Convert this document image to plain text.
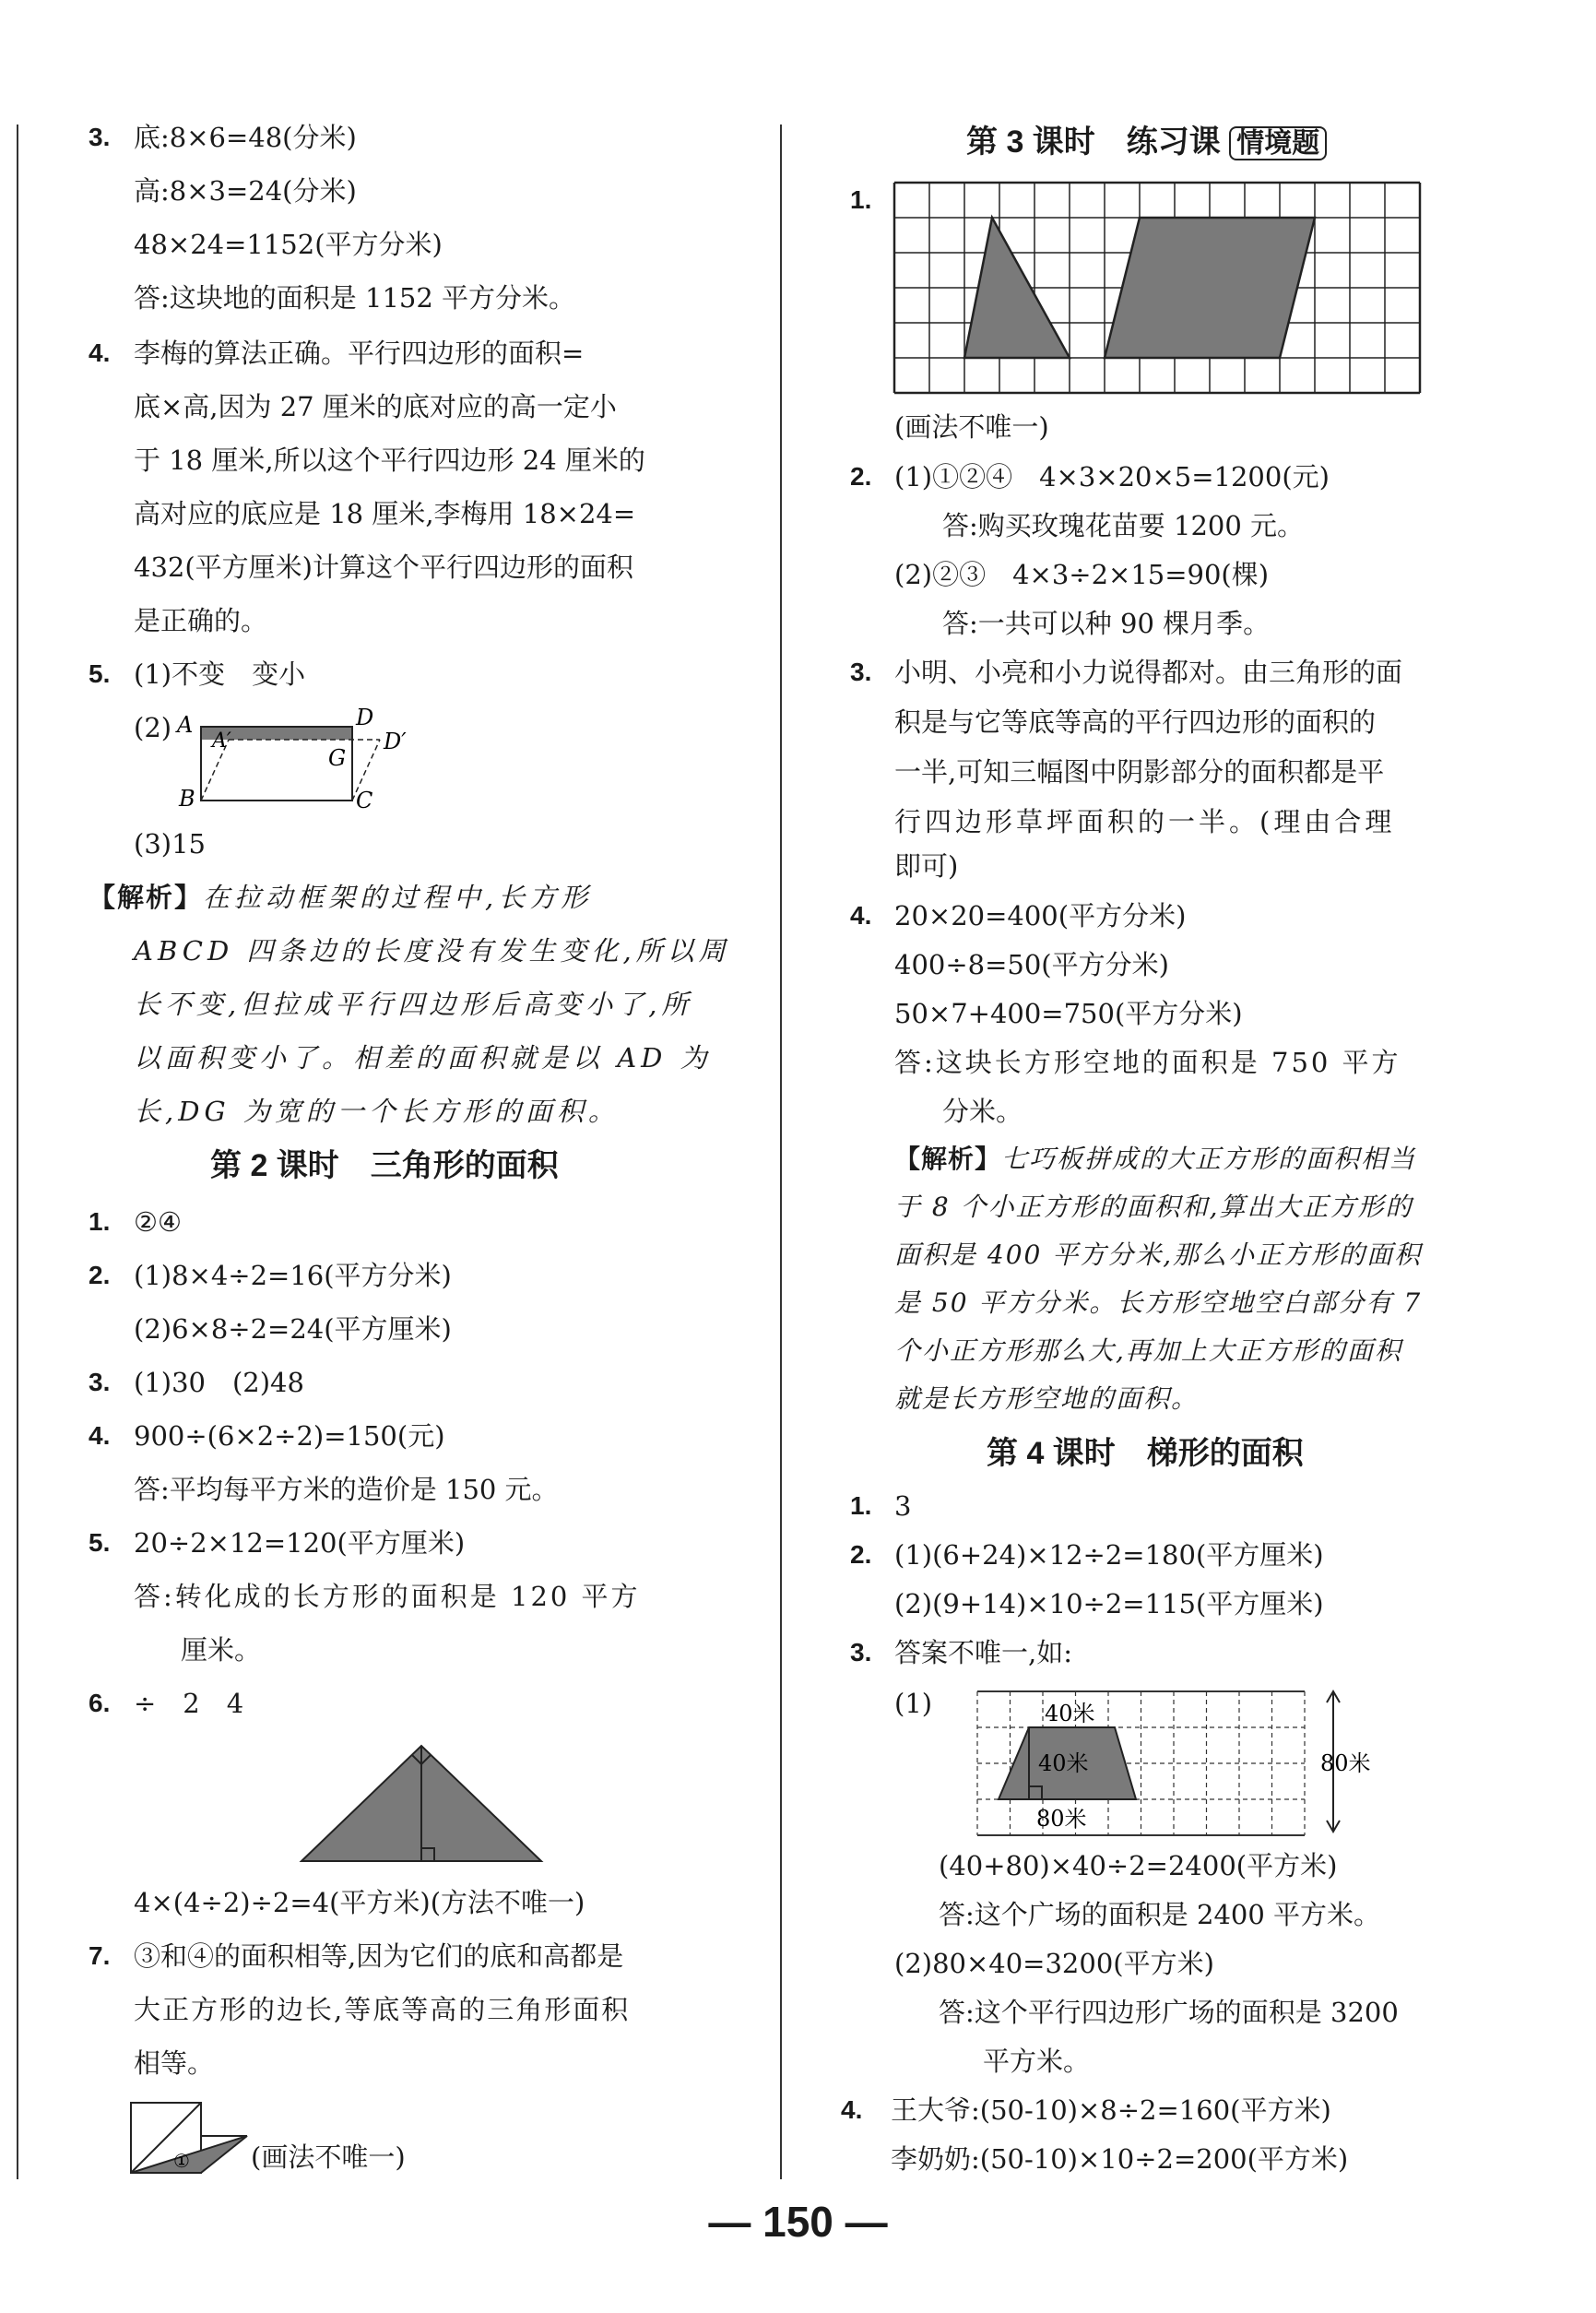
3. 底:8×6=48(分米)
高:8×3=24(分米)
48×24=1152(平方分米)
答:这块地的面积是 1152 平方分米。
4. 李梅的算法正确。平行四边形的面积=
底×高,因为 27 厘米的底对应的高一定小
于 18 厘米,所以这个平行四边形 24 厘米的
高对应的底应是 18 厘米,李梅用 18×24=
432(平方厘米)计算这个平行四边形的面积
是正确的。
5. (1)不变　变小
(2) A
A′
D
D′
G
B	C
(3)15
【解析】在拉动框架的过程中,长方形
ABCD 四条边的长度没有发生变化,所以周
长不变,但拉成平行四边形后高变小了,所
以面积变小了。相差的面积就是以 AD 为
长,DG 为宽的一个长方形的面积。
第 2 课时　三角形的面积
1. ②④
2. (1)8×4÷2=16(平方分米)
(2)6×8÷2=24(平方厘米)
3. (1)30　(2)48
4. 900÷(6×2÷2)=150(元)
答:平均每平方米的造价是 150 元。
5. 20÷2×12=120(平方厘米)
答:转化成的长方形的面积是 120 平方
厘米。
6. ÷　2　4
4×(4÷2)÷2=4(平方米)(方法不唯一)
7. ③和④的面积相等,因为它们的底和高都是
大正方形的边长,等底等高的三角形面积
相等。
① (画法不唯一)
第 3 课时　练习课 情境题
1.
(画法不唯一)
2. (1)①②④　4×3×20×5=1200(元)
答:购买玫瑰花苗要 1200 元。
(2)②③　4×3÷2×15=90(棵)
答:一共可以种 90 棵月季。
3. 小明、小亮和小力说得都对。由三角形的面
积是与它等底等高的平行四边形的面积的
一半,可知三幅图中阴影部分的面积都是平
行四边形草坪面积的一半。(理由合理
即可)
4. 20×20=400(平方分米)
400÷8=50(平方分米)
50×7+400=750(平方分米)
答:这块长方形空地的面积是 750 平方
分米。
【解析】七巧板拼成的大正方形的面积相当
于 8 个小正方形的面积和,算出大正方形的
面积是 400 平方分米,那么小正方形的面积
是 50 平方分米。长方形空地空白部分有 7
个小正方形那么大,再加上大正方形的面积
就是长方形空地的面积。
第 4 课时　梯形的面积
1. 3
2. (1)(6+24)×12÷2=180(平方厘米)
(2)(9+14)×10÷2=115(平方厘米)
3. 答案不唯一,如:
(1)	40米
40米
80米
80米
(40+80)×40÷2=2400(平方米)
答:这个广场的面积是 2400 平方米。
(2)80×40=3200(平方米)
答:这个平行四边形广场的面积是 3200
平方米。
4. 王大爷:(50-10)×8÷2=160(平方米)
李奶奶:(50-10)×10÷2=200(平方米)
— 150 —
